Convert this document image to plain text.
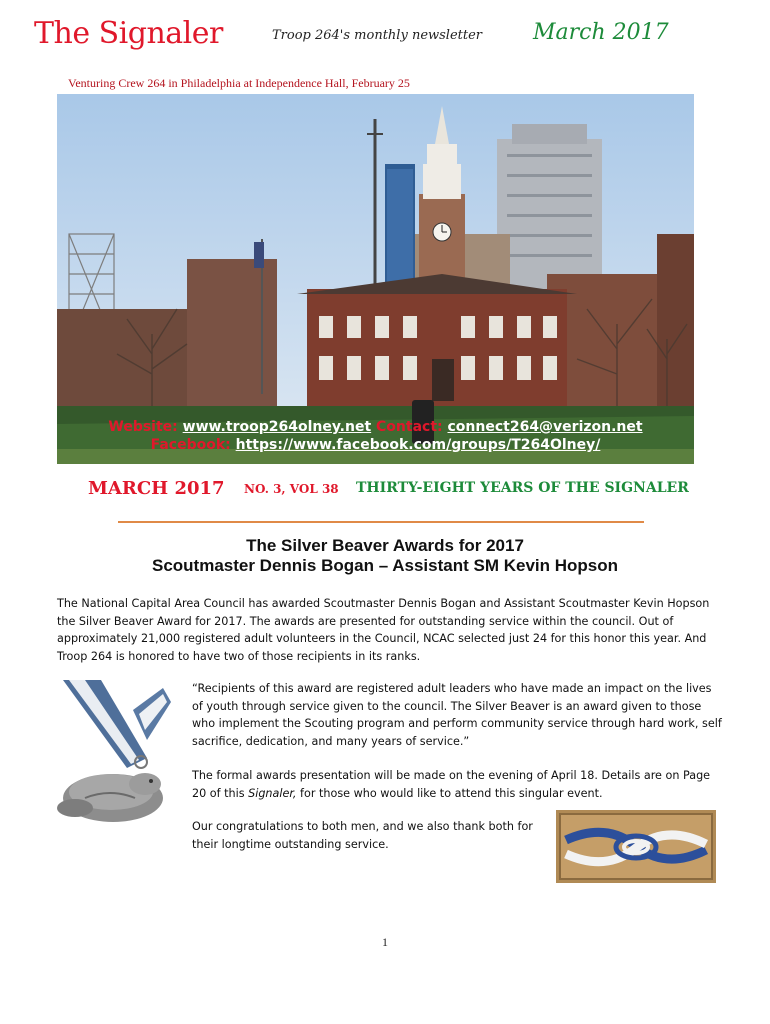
The Signaler	Troop 264's monthly newsletter March 2017
Venturing Crew 264 in Philadelphia at Independence Hall, February 25
Website: www.troop264olney.net Contact: connect264@verizon.net
Facebook: https://www.facebook.com/groups/T264Olney/
MARCH 2017 NO. 3, VOL 38 THIRTY-EIGHT YEARS OF THE SIGNALER
The Silver Beaver Awards for 2017
Scoutmaster Dennis Bogan – Assistant SM Kevin Hopson
The National Capital Area Council has awarded Scoutmaster Dennis Bogan and Assistant Scoutmaster Kevin Hopson the Silver Beaver Award for 2017. The awards are presented for outstanding service within the council. Out of approximately 21,000 registered adult volunteers in the Council, NCAC selected just 24 for this honor this year. And Troop 264 is honored to have two of those recipients in its ranks.
“Recipients of this award are registered adult leaders who have made an impact on the lives of youth through service given to the council. The Silver Beaver is an award given to those who implement the Scouting program and perform community service through hard work, self sacrifice, dedication, and many years of service.”
The formal awards presentation will be made on the evening of April 18. Details are on Page 20 of this Signaler, for those who would like to attend this singular event.
Our congratulations to both men, and we also thank both for their longtime outstanding service.
1
